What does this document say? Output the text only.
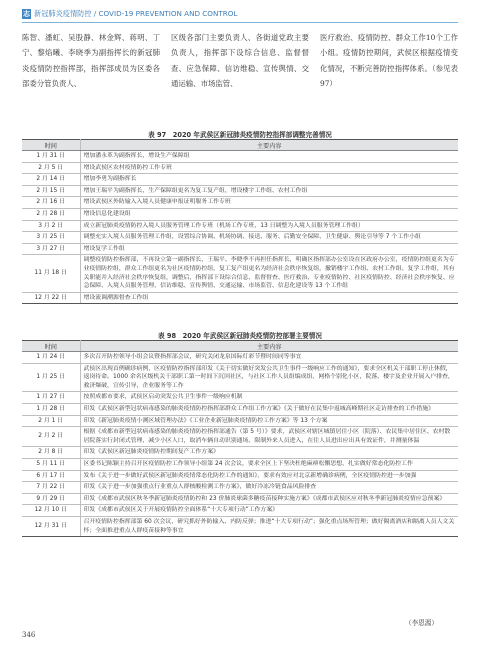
志 新冠肺炎疫情防控 / COVID-19 PREVENTION AND CONTROL
陈智、潘虹、吴股静、林金辉、蒋明、丁宁、黎焰曦、李晓季为副指挥长的新冠肺炎疫情防控指挥部，指挥部成员为区委各部委分管负责人、
区级各部门主要负责人、各街道党政主要负责人，指挥部下设综合信息、监督督查、应急保障、信访维稳、宣传舆情、交通运输、市场监管、
医疗救治、疫情防控、群众工作10个工作小组。疫情防控期间，武侯区根据疫情变化情况，不断完善防控指挥体系。（参见表97）
表 97　2020 年武侯区新冠肺炎疫情防控指挥部调整完善情况
时间	主要内容
1 月 31 日	增加潘永革为副指挥长，增设生产保障组
2 月 5 日	增设武侯区农村疫情防控工作专班
2 月 14 日	增加李勇为副指挥长
2 月 15 日	增加王瑞平为副指挥长，生产保障组更名为复工复产组，增设楼宇工作组、农村工作组
2 月 16 日	增设武侯区外防输入入境人员健康申报证明服务工作专班
2 月 28 日	增设信息化建设组
3 月 2 日	成立新冠肺炎疫情防控入境人员服务管理工作专班（机场工作专班，13 日调整为入境人员服务管理工作组）
3 月 25 日	调整充实入境人员服务管理工作组，设置综合协调、机场协调、接送、服务、后勤安全保障、卫生健康、舆论引导等 7 个工作小组
3 月 27 日	增设复学工作组
11 月 18 日	调整疫情防控指挥部，不再设立第一副指挥长，王瑞平、李晓季不再担任指挥长，明确区指挥部办公室设在区政府办公室，疫情防控组更名为专业疫情防控组，群众工作组更名为社区疫情防控组，复工复产组更名为经济社会秩序恢复组，撤销楼宇工作组、农村工作组、复学工作组，其有关职能并入经济社会秩序恢复组，调整后，指挥部下设综合信息、监督督查、医疗救治、专业疫情防控、社区疫情防控、经济社会秩序恢复、应急保障、入境人员服务管理、信访维稳、宣传舆情、交通运输、市场监管、信息化建设等 13 个工作组
12 月 22 日	增设流调溯源督查工作组
表 98　2020 年武侯区新冠肺炎疫情防控部署主要情况
时间	主要内容
1 月 24 日	多次召开防控领导小组会议暨指挥部会议，研究关闭龙泉国际灯彩节暨时间同等事宜
1 月 25 日	武侯区出现首例确诊病例，区疫情防控指挥部印发《关于切实做好突发公共卫生事件一级响应工作的通知》，要求全区机关干部职工停止休假，返岗待命。1000 余名区级机关干部职工第一时间下沉回社区，与社区工作人员组编成组，网格个别化小区，院落、楼宇及企业开展入户排查，救济爆破，宣传引导，企业服务等工作
1 月 27 日	按照成都市要求，武侯区启动突发公共卫生事件一级响应机制
1 月 28 日	印发《武侯区新型冠状病毒感染的肺炎疫情防控指挥部群众工作组工作方案》《关于做好在民集中返城高峰期社区走访排查的工作措施》
2 月 1 日	印发《新冠肺炎疫情小测区域管理办法》《工业企业新冠肺炎疫情防控工作方案》等 13 个方案
2 月 2 日	根据《成都市新型冠状病毒感染的肺炎疫情防控指挥部通告（第 5 号）》要求，武侯区对辖区城镇居住小区（院落）、农民集中居住区、农村散居院落实行封闭式管理，减少小区人口，取消车辆自动识别通场、限制外来人员进入，在住人员进出应出具有效证件，并测量体温
2 月 8 日	印发《武侯区新冠肺炎疫情防控期间复产工作方案》
5 月 11 日	区委书记陈颖主持召开区疫情防控工作领导小组第 24 次会议，要求全区上下坚决杜绝麻痹松懈思想，扎实做好常态化防控工作
6 月 17 日	发布《关于进一步做好武侯区新冠肺炎疫情常态化防控工作的通知》，要求有效应对北京新增确诊病例，全区疫情防控进一步加强
7 月 22 日	印发《关于进一步加强重点行业重点人群核酸检测工作方案》，做好冷冻冷链食品风险排查
9 月 29 日	印发《成都市武侯区秋冬季新冠肺炎疫情防控和 23 价肺炎球菌多糖疫苗接种实施方案》《成都市武侯区应对秋冬季新冠肺炎疫情应急预案》
12 月 10 日	印发《成都市武侯区关于开展疫情防控全面体系“十大专项行动”工作方案》
12 月 31 日	召开疫情防控指挥部第 60 次会议，研究抓好外防输入、内防反弹；推进“十大专项行动”；强化重点场所管理；做好隔离酒店和隔离人员人文关怀；全面推进重点人群疫苗接种等事宜
（李恩源）
346
